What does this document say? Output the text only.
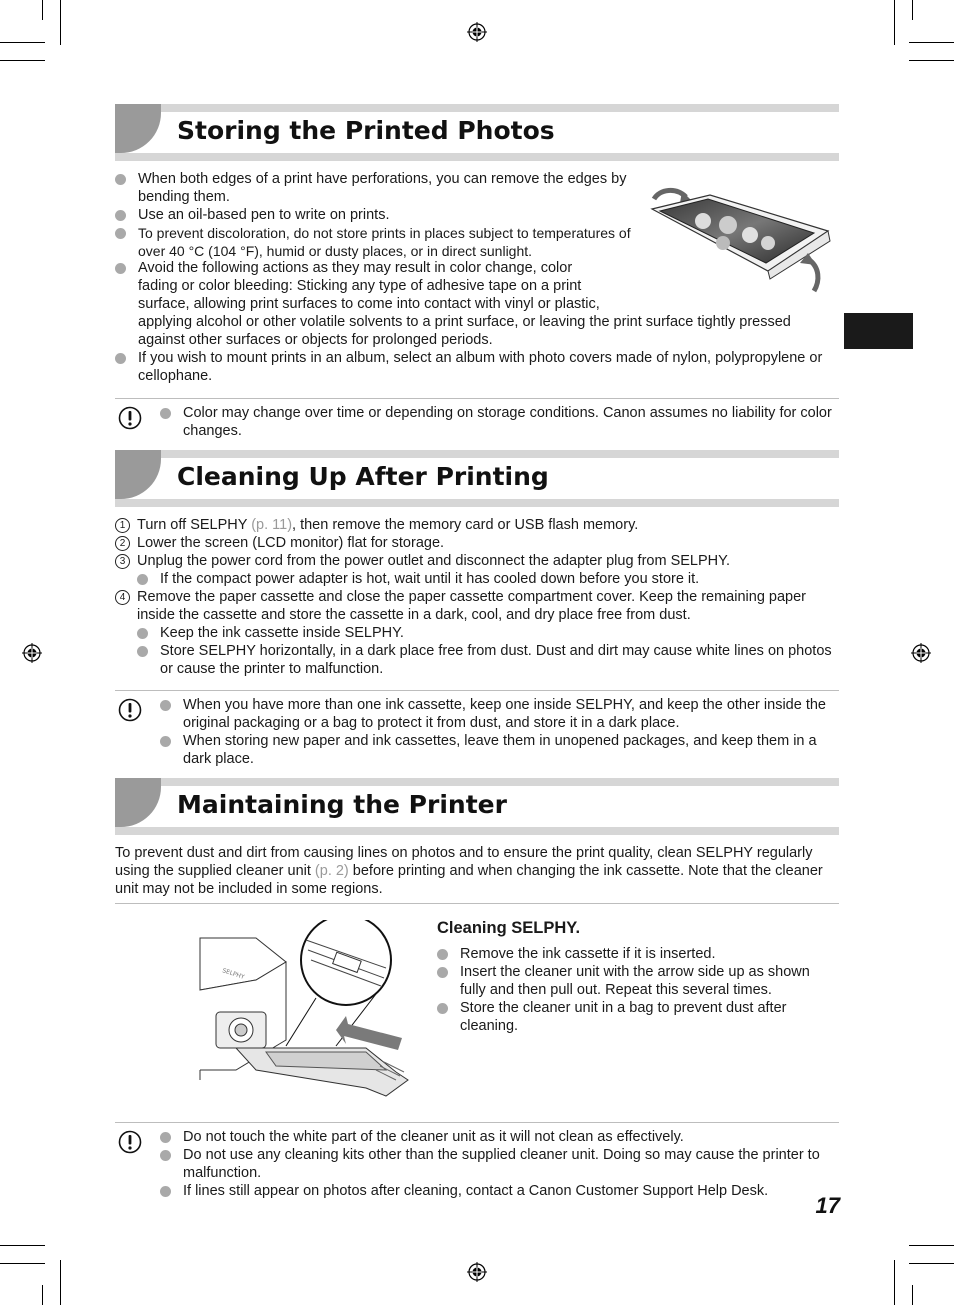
Storing the Printed Photos
When both edges of a print have perforations, you can remove the edges by bending them.
Use an oil-based pen to write on prints.
To prevent discoloration, do not store prints in places subject to temperatures of over 40 °C (104 °F), humid or dusty places, or in direct sunlight.
Avoid the following actions as they may result in color change, color fading or color bleeding: Sticking any type of adhesive tape on a print surface, allowing print surfaces to come into contact with vinyl or plastic, applying alcohol or other volatile solvents to a print surface, or leaving the print surface tightly pressed against other surfaces or objects for prolonged periods.
If you wish to mount prints in an album, select an album with photo covers made of nylon, polypropylene or cellophane.
Color may change over time or depending on storage conditions. Canon assumes no liability for color changes.
Cleaning Up After Printing
1 Turn off SELPHY (p. 11), then remove the memory card or USB flash memory.
2 Lower the screen (LCD monitor) flat for storage.
3 Unplug the power cord from the power outlet and disconnect the adapter plug from SELPHY.
If the compact power adapter is hot, wait until it has cooled down before you store it.
4 Remove the paper cassette and close the paper cassette compartment cover. Keep the remaining paper inside the cassette and store the cassette in a dark, cool, and dry place free from dust.
Keep the ink cassette inside SELPHY.
Store SELPHY horizontally, in a dark place free from dust. Dust and dirt may cause white lines on photos or cause the printer to malfunction.
When you have more than one ink cassette, keep one inside SELPHY, and keep the other inside the original packaging or a bag to protect it from dust, and store it in a dark place.
When storing new paper and ink cassettes, leave them in unopened packages, and keep them in a dark place.
Maintaining the Printer

To prevent dust and dirt from causing lines on photos and to ensure the print quality, clean SELPHY regularly using the supplied cleaner unit (p. 2) before printing and when changing the ink cassette. Note that the cleaner unit may not be included in some regions.

SELPHY
Cleaning SELPHY.
Remove the ink cassette if it is inserted.
Insert the cleaner unit with the arrow side up as shown fully and then pull out. Repeat this several times.
Store the cleaner unit in a bag to prevent dust after cleaning.
Do not touch the white part of the cleaner unit as it will not clean as effectively.
Do not use any cleaning kits other than the supplied cleaner unit. Doing so may cause the printer to malfunction.
If lines still appear on photos after cleaning, contact a Canon Customer Support Help Desk.
17
